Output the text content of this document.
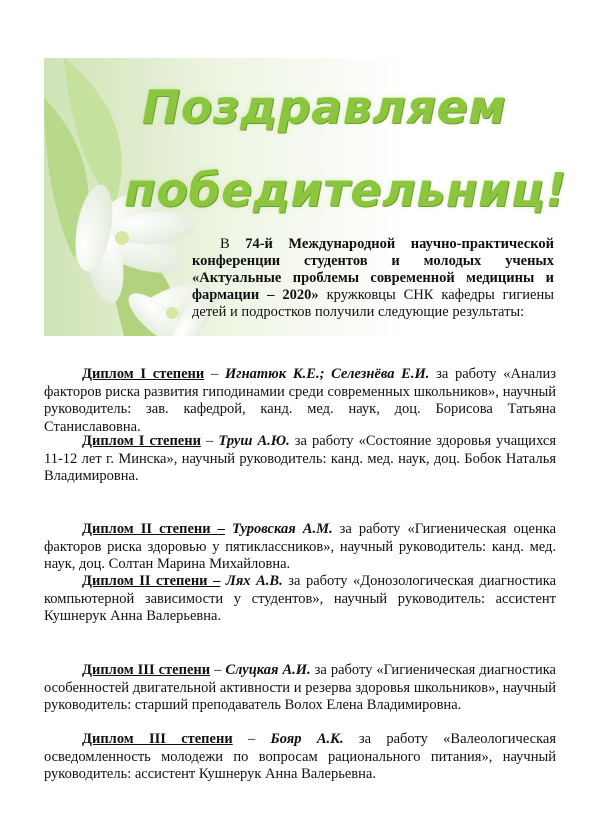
Поздравляем
победительниц!
В 74-й Международной научно-практической конференции студентов и молодых ученых «Актуальные проблемы современной медицины и фармации – 2020» кружковцы СНК кафедры гигиены детей и подростков получили следующие результаты:
Диплом I степени – Игнатюк К.Е.; Селезнёва Е.И. за работу «Анализ факторов риска развития гиподинамии среди современных школьников», научный руководитель: зав. кафедрой, канд. мед. наук, доц. Борисова Татьяна Станиславовна.
Диплом I степени – Труш А.Ю. за работу «Состояние здоровья учащихся 11-12 лет г. Минска», научный руководитель: канд. мед. наук, доц. Бобок Наталья Владимировна.
Диплом II степени – Туровская А.М. за работу «Гигиеническая оценка факторов риска здоровью у пятиклассников», научный руководитель: канд. мед. наук, доц. Солтан Марина Михайловна.
Диплом II степени – Лях А.В. за работу «Донозологическая диагностика компьютерной зависимости у студентов», научный руководитель: ассистент Кушнерук Анна Валерьевна.
Диплом III степени – Слуцкая А.И. за работу «Гигиеническая диагностика особенностей двигательной активности и резерва здоровья школьников», научный руководитель: старший преподаватель Волох Елена Владимировна.
Диплом III степени – Бояр А.К. за работу «Валеологическая осведомленность молодежи по вопросам рационального питания», научный руководитель: ассистент Кушнерук Анна Валерьевна.
